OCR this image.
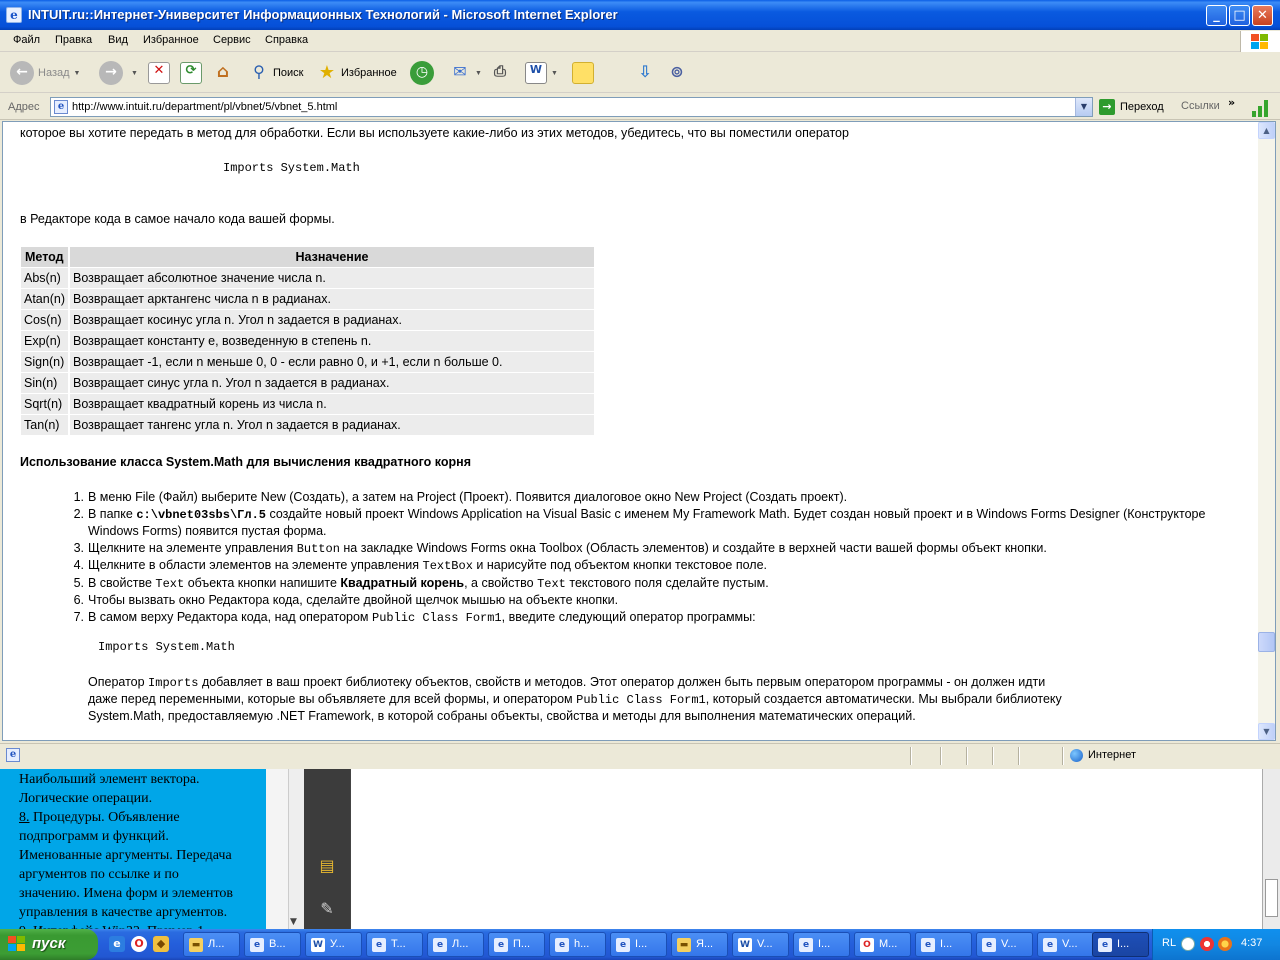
e INTUIT.ru::Интернет-Университет Информационных Технологий - Microsoft Internet Explorer	_	□ ✕
Файл Правка Вид Избранное Сервис Справка
← Назад ▼	→	▼	✕	⟳	⌂	⚲ Поиск ★ Избранное	◷	✉	▼ ⎙	W	▼	⇩ ⊚
Адрес	e http://www.intuit.ru/department/pl/vbnet/5/vbnet_5.html	▼	→ Переход Ссылки »
которое вы хотите передать в метод для обработки. Если вы используете какие-либо из этих методов, убедитесь, что вы поместили оператор
Imports System.Math
в Редакторе кода в самое начало кода вашей формы.
Метод	Назначение
Abs(n)	Возвращает абсолютное значение числа n.
Atan(n)	Возвращает арктангенс числа n в радианах.
Cos(n)	Возвращает косинус угла n. Угол n задается в радианах.
Exp(n)	Возвращает константу e, возведенную в степень n.
Sign(n)	Возвращает -1, если n меньше 0, 0 - если равно 0, и +1, если n больше 0.
Sin(n)	Возвращает синус угла n. Угол n задается в радианах.
Sqrt(n)	Возвращает квадратный корень из числа n.
Tan(n)	Возвращает тангенс угла n. Угол n задается в радианах.
Использование класса System.Math для вычисления квадратного корня
1. В меню File (Файл) выберите New (Создать), а затем на Project (Проект). Появится диалоговое окно New Project (Создать проект).
2. В папке c:\vbnet03sbs\Гл.5 создайте новый проект Windows Application на Visual Basic с именем My Framework Math. Будет создан новый проект и в Windows Forms Designer (Конструкторе Windows Forms) появится пустая форма.
3. Щелкните на элементе управления Button на закладке Windows Forms окна Toolbox (Область элементов) и создайте в верхней части вашей формы объект кнопки.
4. Щелкните в области элементов на элементе управления TextBox и нарисуйте под объектом кнопки текстовое поле.
5. В свойстве Text объекта кнопки напишите Квадратный корень, а свойство Text текстового поля сделайте пустым.
6. Чтобы вызвать окно Редактора кода, сделайте двойной щелчок мышью на объекте кнопки.
7. В самом верху Редактора кода, над оператором Public Class Form1, введите следующий оператор программы:
Imports System.Math
Оператор Imports добавляет в ваш проект библиотеку объектов, свойств и методов. Этот оператор должен быть первым оператором программы - он должен идти
даже перед переменными, которые вы объявляете для всей формы, и оператором Public Class Form1, который создается автоматически. Мы выбрали библиотеку
System.Math, предоставляемую .NET Framework, в которой собраны объекты, свойства и методы для выполнения математических операций.
▲
▼
e	Интернет
Наибольший элемент вектора.
Логические операции.
8. Процедуры. Объявление
подпрограмм и функций.
Именованные аргументы. Передача
аргументов по ссылке и по
значению. Имена форм и элементов
управления в качестве аргументов.
▼
▤
✎
пуск	e	O	◆	▬ Л...	e В...	W У...	e Т...	e Л...	e П...	e h...	e I...	▬ Я...	W V...	e I...	O М...	e I...	e V...	e V...	e I...	RL	4:37
